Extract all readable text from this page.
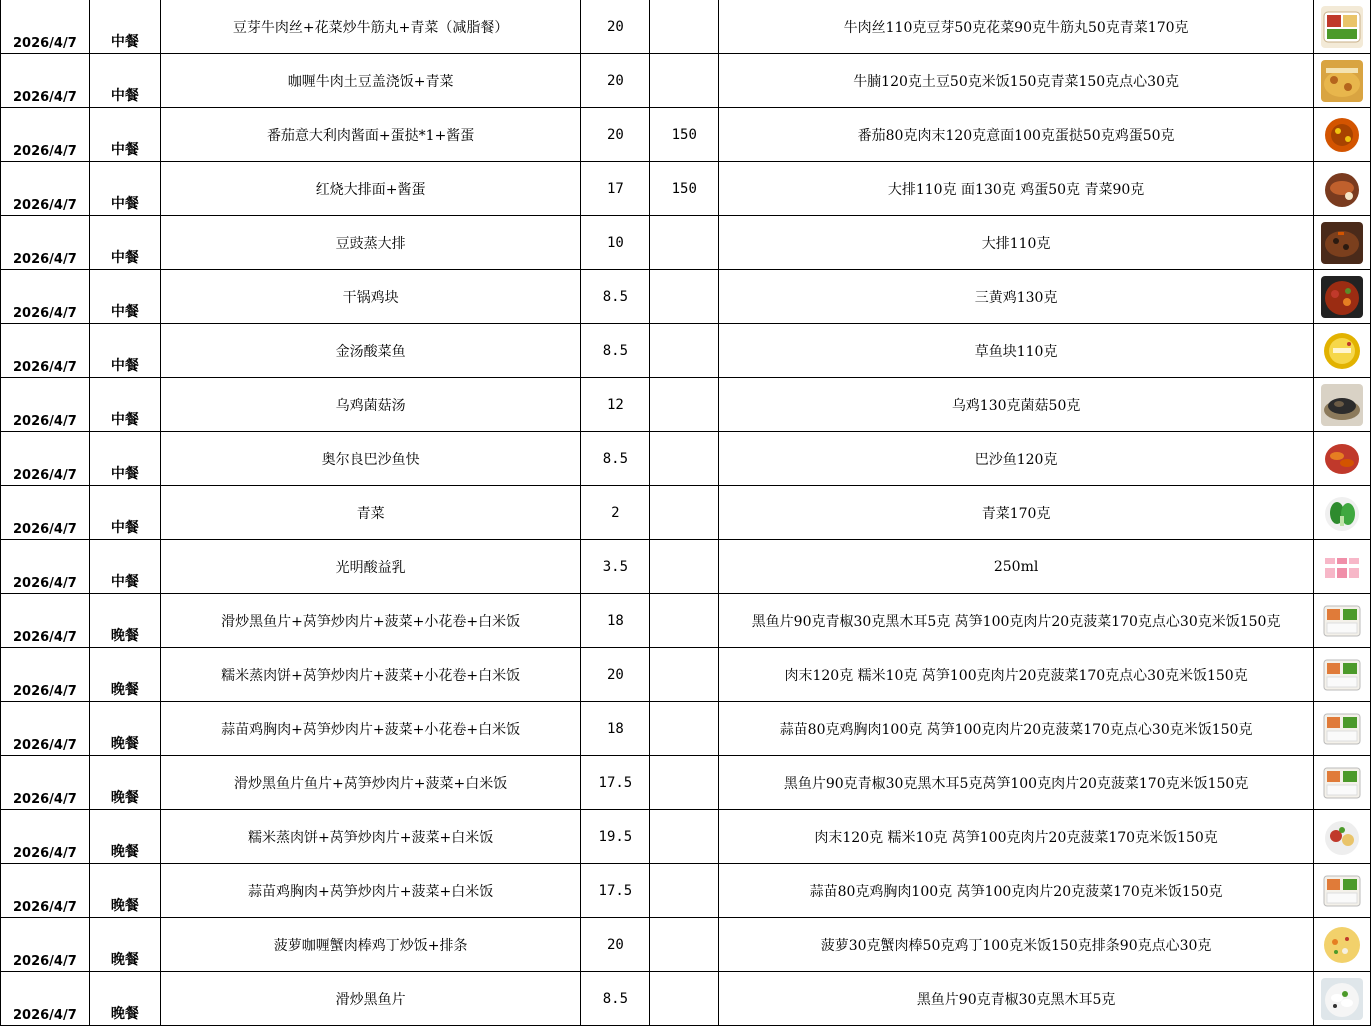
2026/4/7	中餐	豆芽牛肉丝+花菜炒牛筋丸+青菜（减脂餐）	20		牛肉丝110克豆芽50克花菜90克牛筋丸50克青菜170克	

2026/4/7	中餐	咖喱牛肉土豆盖浇饭+青菜	20		牛腩120克土豆50克米饭150克青菜150克点心30克	

2026/4/7	中餐	番茄意大利肉酱面+蛋挞*1+酱蛋	20	150	番茄80克肉末120克意面100克蛋挞50克鸡蛋50克	

2026/4/7	中餐	红烧大排面+酱蛋	17	150	大排110克 面130克 鸡蛋50克 青菜90克	

2026/4/7	中餐	豆豉蒸大排	10		大排110克	

2026/4/7	中餐	干锅鸡块	8.5		三黄鸡130克	

2026/4/7	中餐	金汤酸菜鱼	8.5		草鱼块110克	

2026/4/7	中餐	乌鸡菌菇汤	12		乌鸡130克菌菇50克	

2026/4/7	中餐	奥尔良巴沙鱼快	8.5		巴沙鱼120克	

2026/4/7	中餐	青菜	2		青菜170克	

2026/4/7	中餐	光明酸益乳	3.5		250ml	

2026/4/7	晚餐	滑炒黑鱼片+莴笋炒肉片+菠菜+小花卷+白米饭	18		黑鱼片90克青椒30克黑木耳5克 莴笋100克肉片20克菠菜170克点心30克米饭150克	

2026/4/7	晚餐	糯米蒸肉饼+莴笋炒肉片+菠菜+小花卷+白米饭	20		肉末120克 糯米10克 莴笋100克肉片20克菠菜170克点心30克米饭150克	

2026/4/7	晚餐	蒜苗鸡胸肉+莴笋炒肉片+菠菜+小花卷+白米饭	18		蒜苗80克鸡胸肉100克 莴笋100克肉片20克菠菜170克点心30克米饭150克	

2026/4/7	晚餐	滑炒黑鱼片鱼片+莴笋炒肉片+菠菜+白米饭	17.5		黑鱼片90克青椒30克黑木耳5克莴笋100克肉片20克菠菜170克米饭150克	

2026/4/7	晚餐	糯米蒸肉饼+莴笋炒肉片+菠菜+白米饭	19.5		肉末120克 糯米10克 莴笋100克肉片20克菠菜170克米饭150克	

2026/4/7	晚餐	蒜苗鸡胸肉+莴笋炒肉片+菠菜+白米饭	17.5		蒜苗80克鸡胸肉100克 莴笋100克肉片20克菠菜170克米饭150克	

2026/4/7	晚餐	菠萝咖喱蟹肉棒鸡丁炒饭+排条	20		菠萝30克蟹肉棒50克鸡丁100克米饭150克排条90克点心30克	

2026/4/7	晚餐	滑炒黑鱼片	8.5		黑鱼片90克青椒30克黑木耳5克	
